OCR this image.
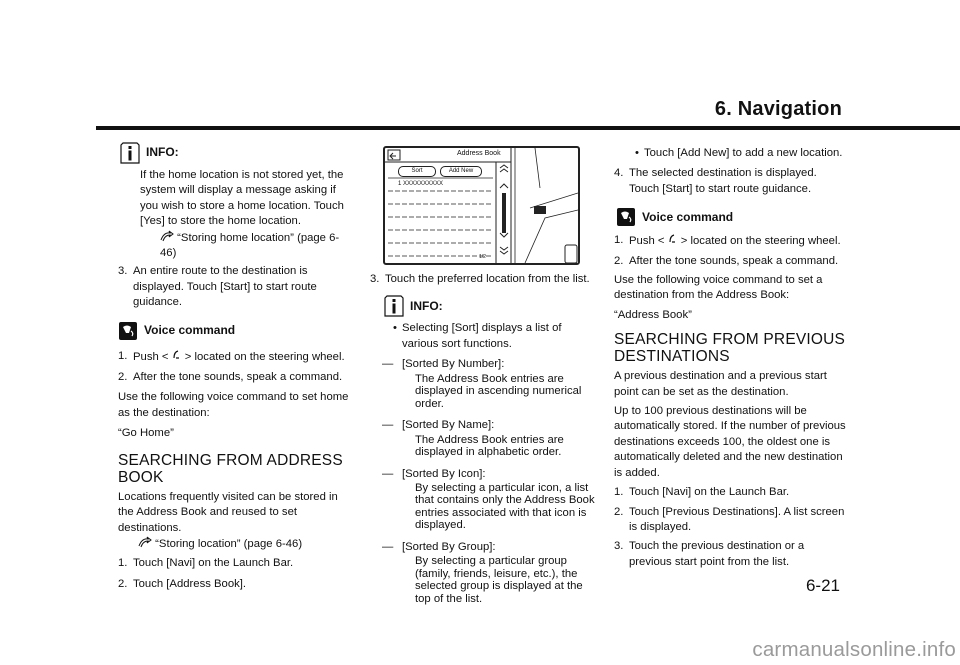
6. Navigation
INFO:

If the home location is not stored yet, the system will display a message asking if you wish to store a home location. Touch [Yes] to store the home location.

“Storing home location” (page 6-46)
3. An entire route to the destination is displayed. Touch [Start] to start route guidance.
Voice command
1. Push < > located on the steering wheel.
2. After the tone sounds, speak a command.

Use the following voice command to set home as the destination:

“Go Home”

SEARCHING FROM ADDRESS BOOK

Locations frequently visited can be stored in the Address Book and reused to set destinations.

“Storing location” (page 6-46)
1. Touch [Navi] on the Launch Bar.
2. Touch [Address Book].
Address Book
Sort	Add New
1 XXXXXXXXXX
1/2
3. Touch the preferred location from the list.
INFO:
• Selecting [Sort] displays a list of various sort functions.
— [Sorted By Number]:
The Address Book entries are displayed in ascending numerical order.
— [Sorted By Name]:
The Address Book entries are displayed in alphabetic order.
— [Sorted By Icon]:
By selecting a particular icon, a list that contains only the Address Book entries associated with that icon is displayed.
— [Sorted By Group]:
By selecting a particular group (family, friends, leisure, etc.), the selected group is displayed at the top of the list.
• Touch [Add New] to add a new location.
4. The selected destination is displayed. Touch [Start] to start route guidance.
Voice command
1. Push < > located on the steering wheel.
2. After the tone sounds, speak a command.

Use the following voice command to set a destination from the Address Book:

“Address Book”

SEARCHING FROM PREVIOUS DESTINATIONS

A previous destination and a previous start point can be set as the destination.

Up to 100 previous destinations will be automatically stored. If the number of previous destinations exceeds 100, the oldest one is automatically deleted and the new destination is added.

1. Touch [Navi] on the Launch Bar.
2. Touch [Previous Destinations]. A list screen is displayed.
3. Touch the previous destination or a previous start point from the list.
6-21
carmanualsonline.info
